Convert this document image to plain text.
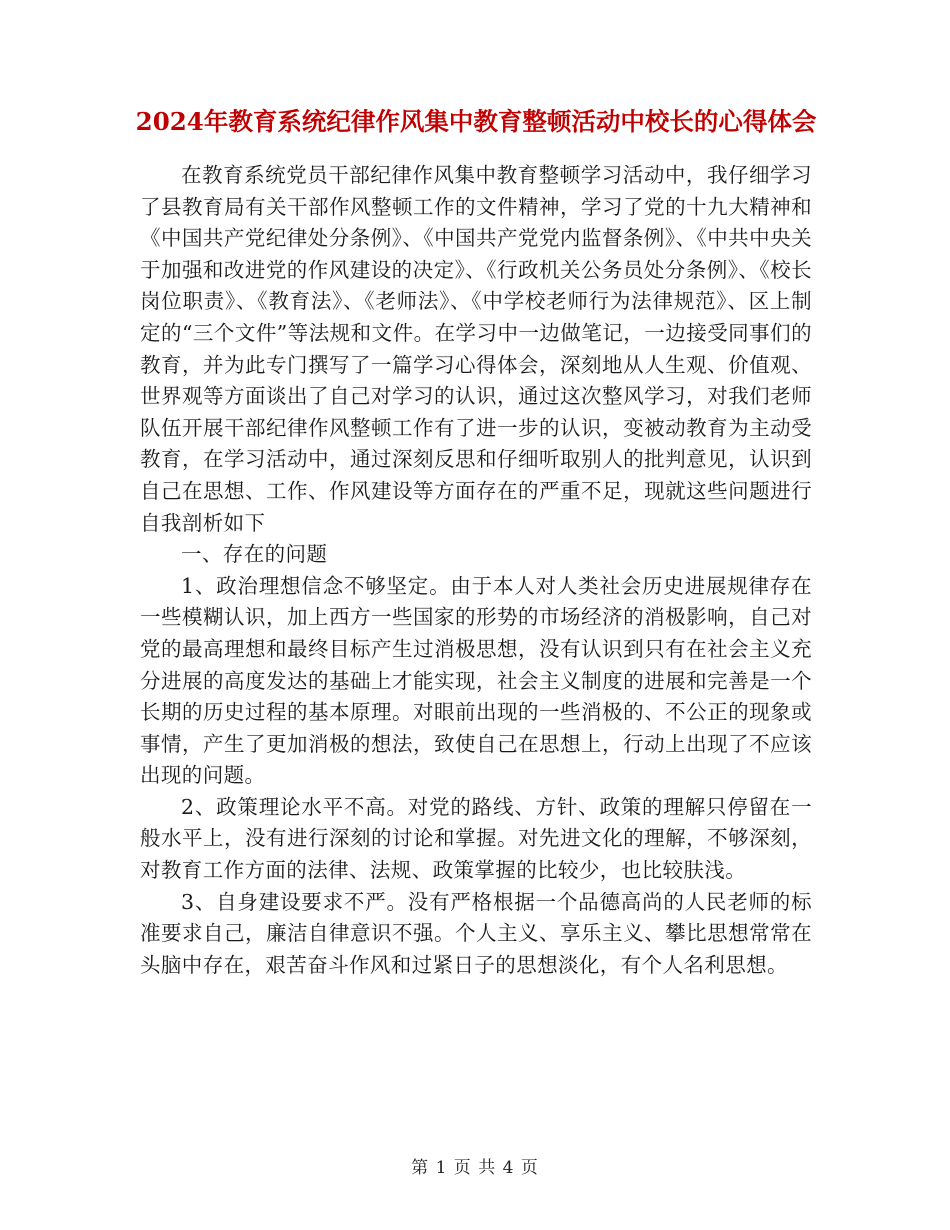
2024年教育系统纪律作风集中教育整顿活动中校长的心得体会

在教育系统党员干部纪律作风集中教育整顿学习活动中，我仔细学习了县教育局有关干部作风整顿工作的文件精神，学习了党的十九大精神和《中国共产党纪律处分条例》、《中国共产党党内监督条例》、《中共中央关于加强和改进党的作风建设的决定》、《行政机关公务员处分条例》、《校长岗位职责》、《教育法》、《老师法》、《中学校老师行为法律规范》、区上制定的“三个文件”等法规和文件。在学习中一边做笔记，一边接受同事们的教育，并为此专门撰写了一篇学习心得体会，深刻地从人生观、价值观、世界观等方面谈出了自己对学习的认识，通过这次整风学习，对我们老师队伍开展干部纪律作风整顿工作有了进一步的认识，变被动教育为主动受教育，在学习活动中，通过深刻反思和仔细听取别人的批判意见，认识到自己在思想、工作、作风建设等方面存在的严重不足，现就这些问题进行自我剖析如下

一、存在的问题

1、政治理想信念不够坚定。由于本人对人类社会历史进展规律存在一些模糊认识，加上西方一些国家的形势的市场经济的消极影响，自己对党的最高理想和最终目标产生过消极思想，没有认识到只有在社会主义充分进展的高度发达的基础上才能实现，社会主义制度的进展和完善是一个长期的历史过程的基本原理。对眼前出现的一些消极的、不公正的现象或事情，产生了更加消极的想法，致使自己在思想上，行动上出现了不应该出现的问题。

2、政策理论水平不高。对党的路线、方针、政策的理解只停留在一般水平上，没有进行深刻的讨论和掌握。对先进文化的理解，不够深刻，对教育工作方面的法律、法规、政策掌握的比较少，也比较肤浅。

3、自身建设要求不严。没有严格根据一个品德高尚的人民老师的标准要求自己，廉洁自律意识不强。个人主义、享乐主义、攀比思想常常在头脑中存在，艰苦奋斗作风和过紧日子的思想淡化，有个人名利思想。

第 1 页 共 4 页
